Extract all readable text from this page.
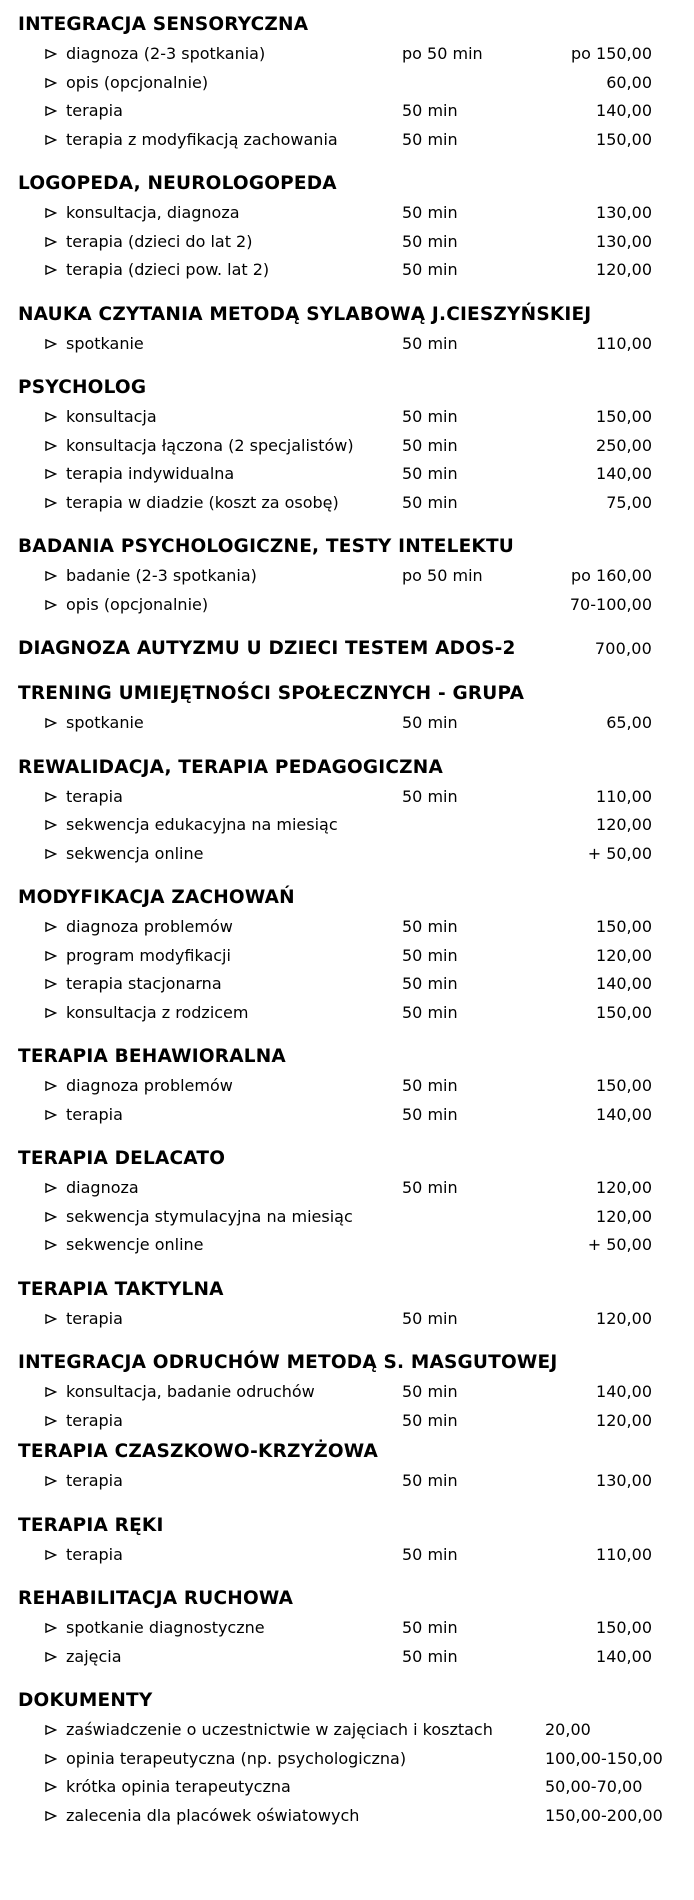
INTEGRACJA SENSORYCZNA
diagnoza (2-3 spotkania)	po 50 min	po 150,00
opis (opcjonalnie)	60,00
terapia	50 min	140,00
terapia z modyfikacją zachowania	50 min	150,00
LOGOPEDA, NEUROLOGOPEDA
konsultacja, diagnoza	50 min	130,00
terapia (dzieci do lat 2)	50 min	130,00
terapia (dzieci pow. lat 2)	50 min	120,00
NAUKA CZYTANIA METODĄ SYLABOWĄ J.CIESZYŃSKIEJ
spotkanie	50 min	110,00
PSYCHOLOG
konsultacja	50 min	150,00
konsultacja łączona (2 specjalistów)	50 min	250,00
terapia indywidualna	50 min	140,00
terapia w diadzie (koszt za osobę)	50 min	75,00
BADANIA PSYCHOLOGICZNE, TESTY INTELEKTU
badanie (2-3 spotkania)	po 50 min	po 160,00
opis (opcjonalnie)	70-100,00
DIAGNOZA AUTYZMU U DZIECI TESTEM ADOS-2	700,00
TRENING UMIEJĘTNOŚCI SPOŁECZNYCH - GRUPA
spotkanie	50 min	65,00
REWALIDACJA, TERAPIA PEDAGOGICZNA
terapia	50 min	110,00
sekwencja edukacyjna na miesiąc	120,00
sekwencja online	+ 50,00
MODYFIKACJA ZACHOWAŃ
diagnoza problemów	50 min	150,00
program modyfikacji	50 min	120,00
terapia stacjonarna	50 min	140,00
konsultacja z rodzicem	50 min	150,00
TERAPIA BEHAWIORALNA
diagnoza problemów	50 min	150,00
terapia	50 min	140,00
TERAPIA DELACATO
diagnoza	50 min	120,00
sekwencja stymulacyjna na miesiąc	120,00
sekwencje online	+ 50,00
TERAPIA TAKTYLNA
terapia	50 min	120,00
INTEGRACJA ODRUCHÓW METODĄ S. MASGUTOWEJ
konsultacja, badanie odruchów	50 min	140,00
terapia	50 min	120,00
TERAPIA CZASZKOWO-KRZYŻOWA
terapia	50 min	130,00
TERAPIA RĘKI
terapia	50 min	110,00
REHABILITACJA RUCHOWA
spotkanie diagnostyczne	50 min	150,00
zajęcia	50 min	140,00
DOKUMENTY
zaświadczenie o uczestnictwie w zajęciach i kosztach	20,00
opinia terapeutyczna (np. psychologiczna)	100,00-150,00
krótka opinia terapeutyczna	50,00-70,00
zalecenia dla placówek oświatowych	150,00-200,00
